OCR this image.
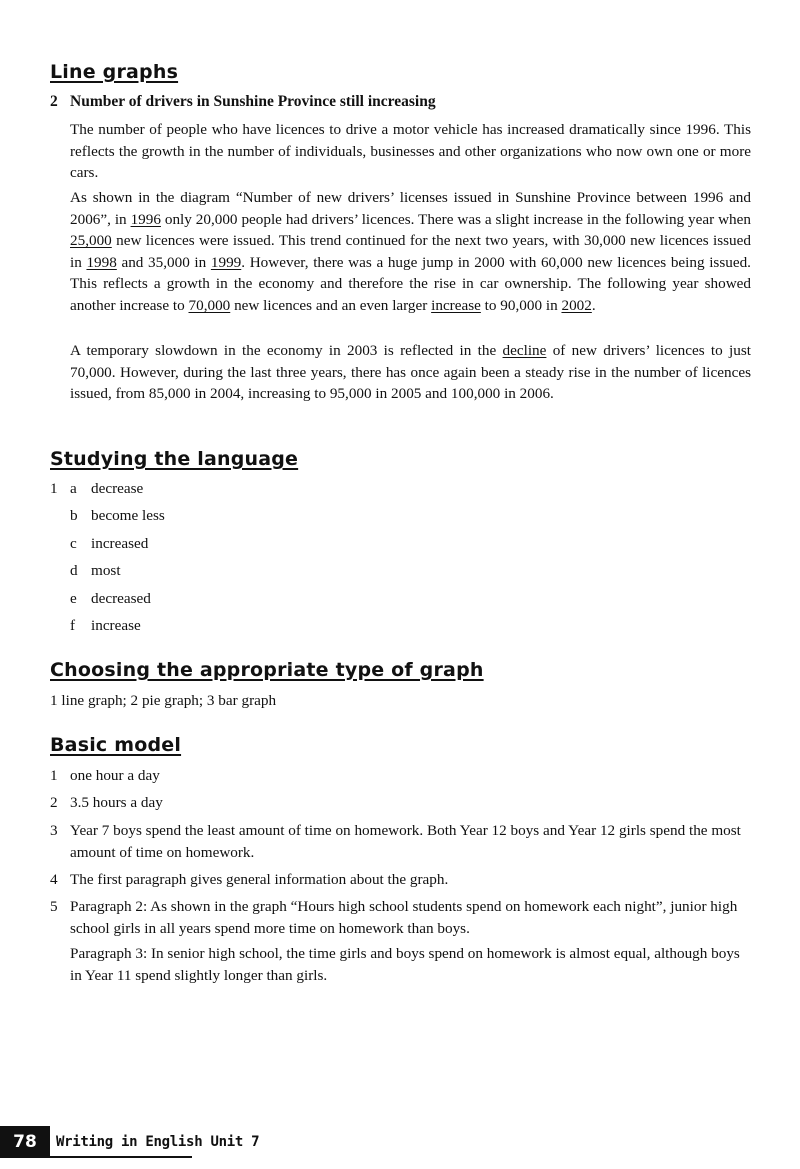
Line graphs
2 Number of drivers in Sunshine Province still increasing

The number of people who have licences to drive a motor vehicle has increased dramatically since 1996. This reflects the growth in the number of individuals, businesses and other organizations who now own one or more cars.

As shown in the diagram “Number of new drivers’ licenses issued in Sunshine Province between 1996 and 2006”, in 1996 only 20,000 people had drivers’ licences. There was a slight increase in the following year when 25,000 new licences were issued. This trend continued for the next two years, with 30,000 new licences issued in 1998 and 35,000 in 1999. However, there was a huge jump in 2000 with 60,000 new licences being issued. This reflects a growth in the economy and therefore the rise in car ownership. The following year showed another increase to 70,000 new licences and an even larger increase to 90,000 in 2002.

A temporary slowdown in the economy in 2003 is reflected in the decline of new drivers’ licences to just 70,000. However, during the last three years, there has once again been a steady rise in the number of licences issued, from 85,000 in 2004, increasing to 95,000 in 2005 and 100,000 in 2006.

Studying the language
1 a decrease
b become less
c increased
d most
e decreased
f increase
Choosing the appropriate type of graph
1 line graph; 2 pie graph; 3 bar graph
Basic model
1 one hour a day

2 3.5 hours a day

3 Year 7 boys spend the least amount of time on homework. Both Year 12 boys and Year 12 girls spend the most amount of time on homework.

4 The first paragraph gives general information about the graph.

5 Paragraph 2: As shown in the graph “Hours high school students spend on homework each night”, junior high school girls in all years spend more time on homework than boys.

Paragraph 3: In senior high school, the time girls and boys spend on homework is almost equal, although boys in Year 11 spend slightly longer than girls.

78	Writing in English Unit 7
